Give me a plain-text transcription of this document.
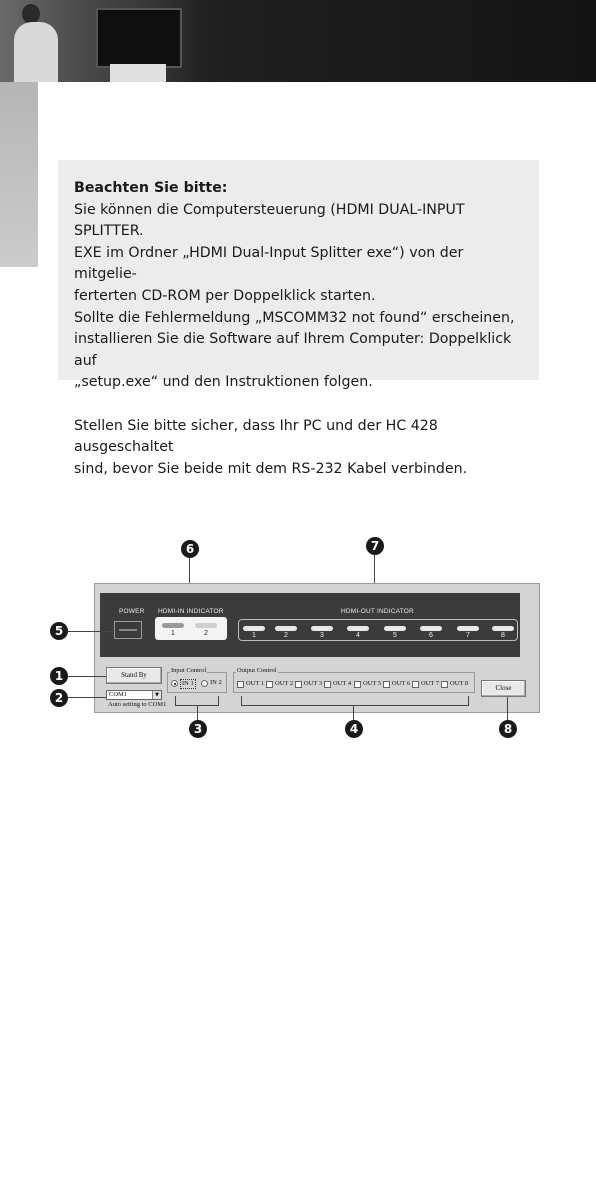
Beachten Sie bitte:

Sie können die Computersteuerung (HDMI DUAL-INPUT SPLITTER.

EXE im Ordner „HDMI Dual-Input Splitter exe“) von der mitgelie-

ferterten CD-ROM per Doppelklick starten.

Sollte die Fehlermeldung „MSCOMM32 not found“ erscheinen,

installieren Sie die Software auf Ihrem Computer: Doppelklick auf

„setup.exe“ und den Instruktionen folgen.

Stellen Sie bitte sicher, dass Ihr PC und der HC 428 ausgeschaltet

sind, bevor Sie beide mit dem RS-232 Kabel verbinden.

6	7
POWER HDMI-IN INDICATOR
1	2
HDMI-OUT INDICATOR
1	2	3	4	5	6	7	8
5
Stand By
1
COM1	▼
Auto setting to COM1
2
Input Control
IN 1	IN 2
3
Output Control
OUT 1 OUT 2 OUT 3 OUT 4 OUT 5 OUT 6 OUT 7 OUT 8
4
Close
8
